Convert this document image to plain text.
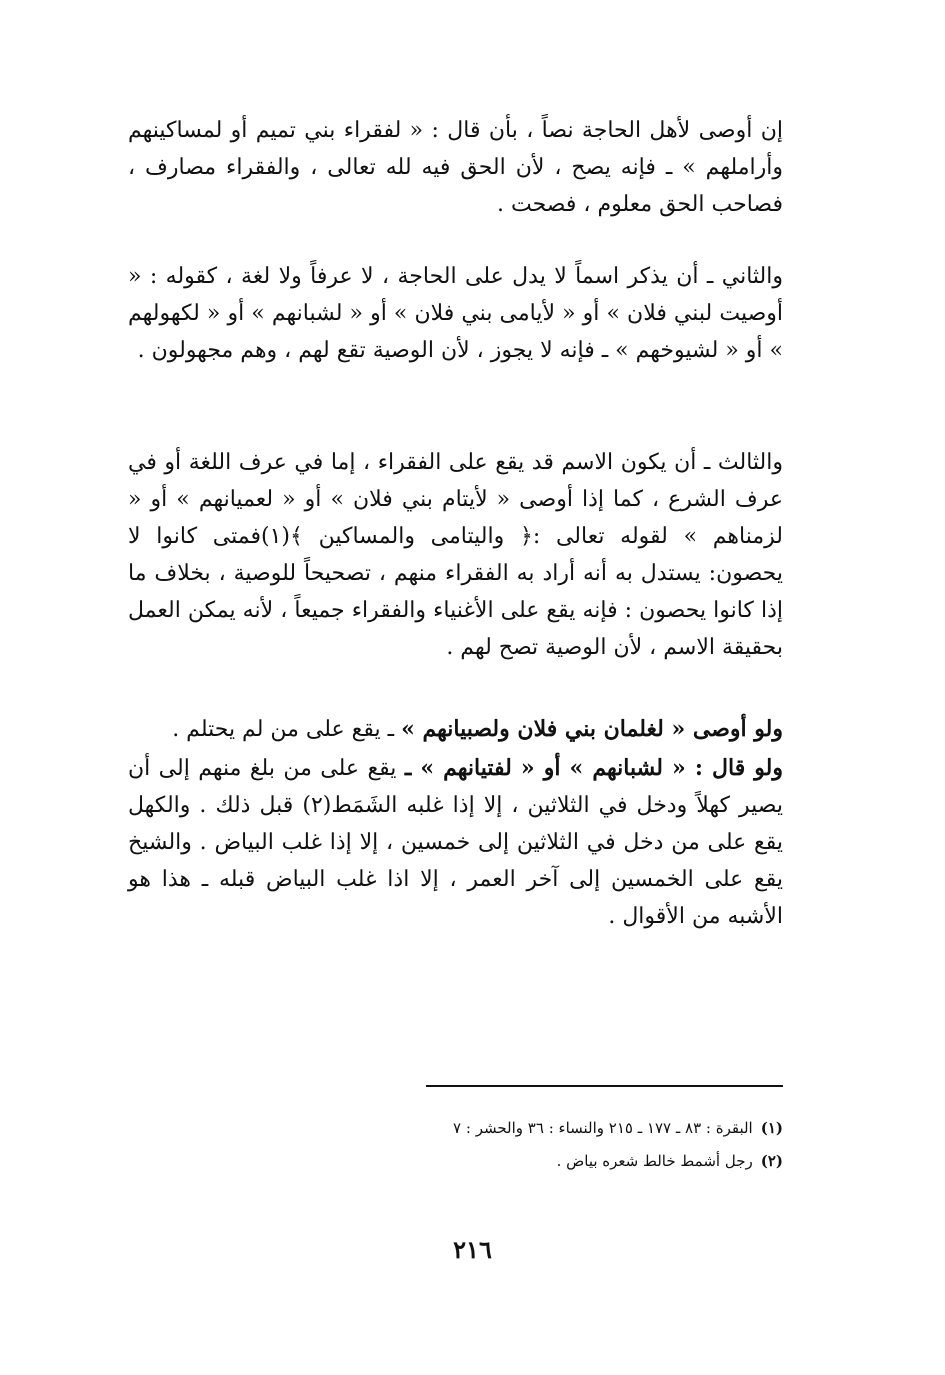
إن أوصى لأهل الحاجة نصاً ، بأن قال : « لفقراء بني تميم أو لمساكينهم وأراملهم » ـ فإنه يصح ، لأن الحق فيه لله تعالى ، والفقراء مصارف ، فصاحب الحق معلوم ، فصحت .

والثاني ـ أن يذكر اسماً لا يدل على الحاجة ، لا عرفاً ولا لغة ، كقوله : « أوصيت لبني فلان » أو « لأيامى بني فلان » أو « لشبانهم » أو « لكهولهم » أو « لشيوخهم » ـ فإنه لا يجوز ، لأن الوصية تقع لهم ، وهم مجهولون .

والثالث ـ أن يكون الاسم قد يقع على الفقراء ، إما في عرف اللغة أو في عرف الشرع ، كما إذا أوصى « لأيتام بني فلان » أو « لعميانهم » أو « لزمناهم » لقوله تعالى :﴿ واليتامى والمساكين ﴾(١)فمتى كانوا لا يحصون: يستدل به أنه أراد به الفقراء منهم ، تصحيحاً للوصية ، بخلاف ما إذا كانوا يحصون : فإنه يقع على الأغنياء والفقراء جميعاً ، لأنه يمكن العمل بحقيقة الاسم ، لأن الوصية تصح لهم .

ولو أوصى « لغلمان بني فلان ولصبيانهم » ـ يقع على من لم يحتلم .

ولو قال : « لشبانهم » أو « لفتيانهم » ـ يقع على من بلغ منهم إلى أن يصير كهلاً ودخل في الثلاثين ، إلا إذا غلبه الشَمَط(٢) قبل ذلك . والكهل يقع على من دخل في الثلاثين إلى خمسين ، إلا إذا غلب البياض . والشيخ يقع على الخمسين إلى آخر العمر ، إلا اذا غلب البياض قبله ـ هذا هو الأشبه من الأقوال .

(١)البقرة : ٨٣ ـ ١٧٧ ـ ٢١٥ والنساء : ٣٦ والحشر : ٧
(٢)رجل أشمط خالط شعره بياض .
٢١٦
